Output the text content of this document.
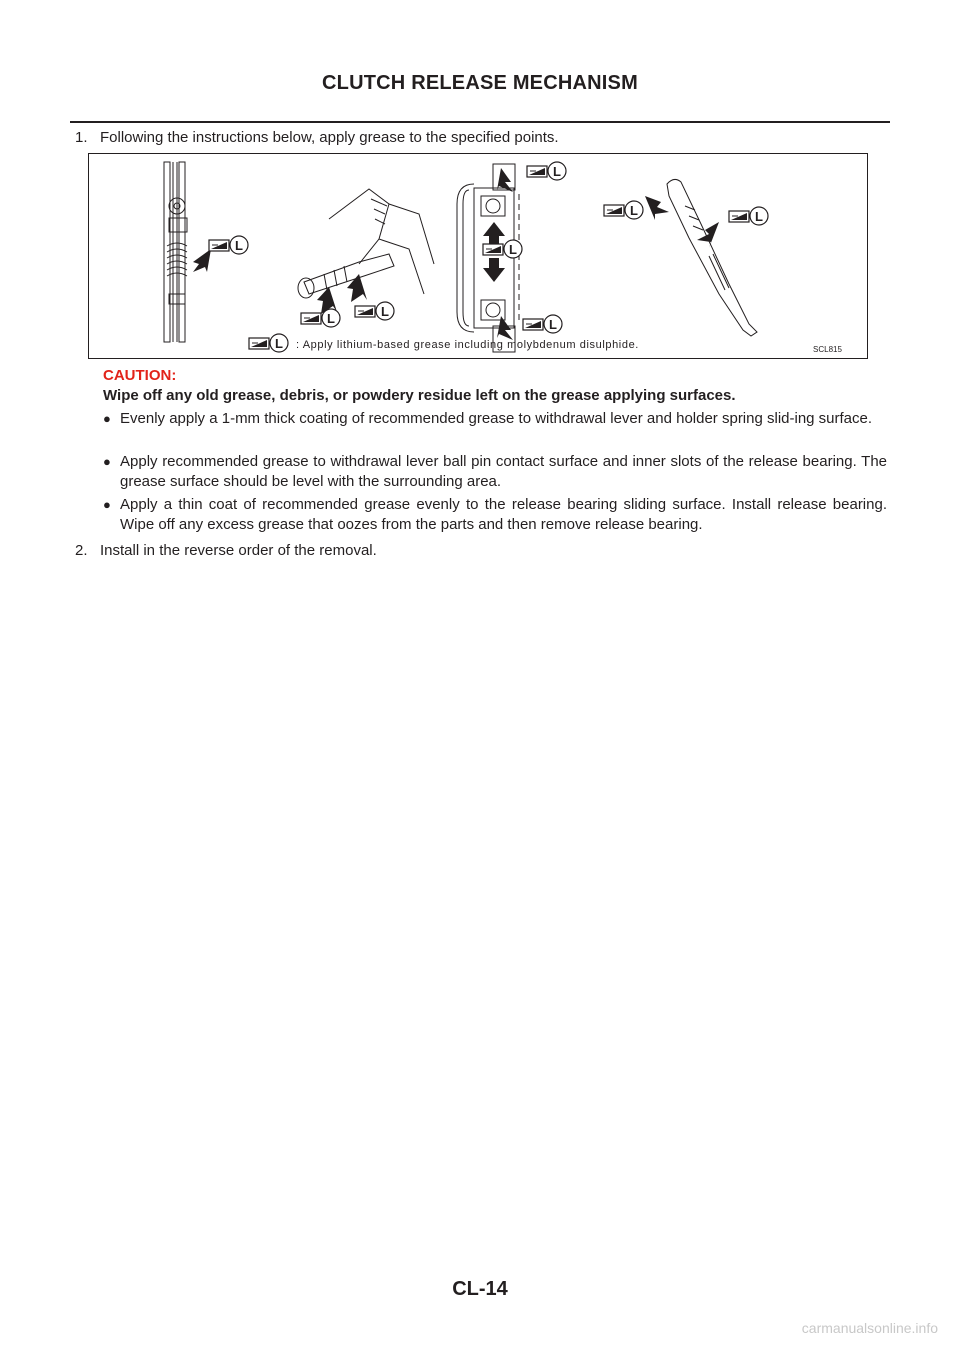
CLUTCH RELEASE MECHANISM
1. Following the instructions below, apply grease to the specified points.
: Apply lithium-based grease including molybdenum disulphide.	SCL815
L
L	L
L
L
L
L	L
L
CAUTION:
Wipe off any old grease, debris, or powdery residue left on the grease applying surfaces.
● Evenly apply a 1-mm thick coating of recommended grease to withdrawal lever and holder spring slid-ing surface.
● Apply recommended grease to withdrawal lever ball pin contact surface and inner slots of the release bearing. The grease surface should be level with the surrounding area.
● Apply a thin coat of recommended grease evenly to the release bearing sliding surface. Install release bearing. Wipe off any excess grease that oozes from the parts and then remove release bearing.
2. Install in the reverse order of the removal.
CL-14
carmanualsonline.info
